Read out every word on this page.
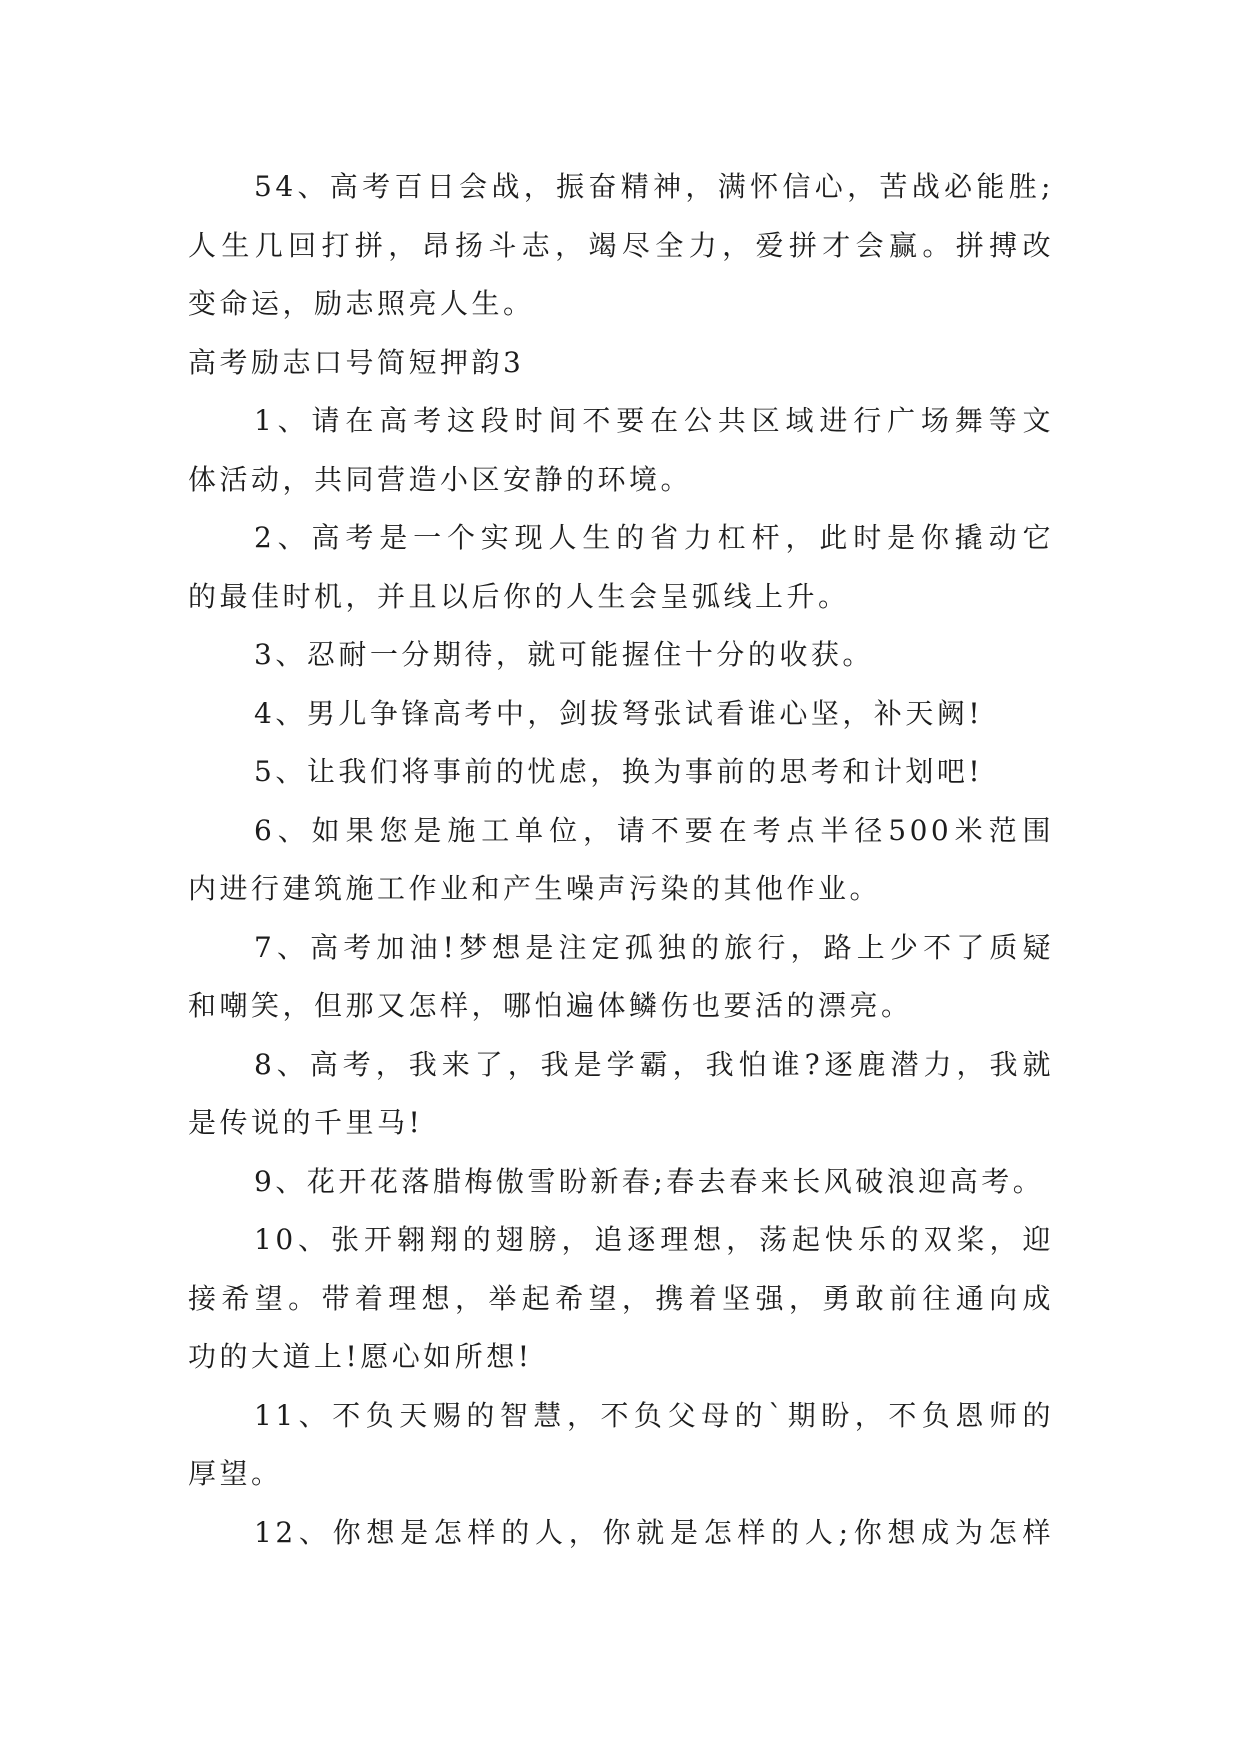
54、高考百日会战，振奋精神，满怀信心，苦战必能胜;
人生几回打拼，昂扬斗志，竭尽全力，爱拼才会赢。拼搏改
变命运，励志照亮人生。
高考励志口号简短押韵3
1、请在高考这段时间不要在公共区域进行广场舞等文
体活动，共同营造小区安静的环境。
2、高考是一个实现人生的省力杠杆，此时是你撬动它
的最佳时机，并且以后你的人生会呈弧线上升。
3、忍耐一分期待，就可能握住十分的收获。
4、男儿争锋高考中，剑拔弩张试看谁心坚，补天阙!
5、让我们将事前的忧虑，换为事前的思考和计划吧!
6、如果您是施工单位，请不要在考点半径500米范围
内进行建筑施工作业和产生噪声污染的其他作业。
7、高考加油!梦想是注定孤独的旅行，路上少不了质疑
和嘲笑，但那又怎样，哪怕遍体鳞伤也要活的漂亮。
8、高考，我来了，我是学霸，我怕谁?逐鹿潜力，我就
是传说的千里马!
9、花开花落腊梅傲雪盼新春;春去春来长风破浪迎高考。
10、张开翱翔的翅膀，追逐理想，荡起快乐的双桨，迎
接希望。带着理想，举起希望，携着坚强，勇敢前往通向成
功的大道上!愿心如所想!
11、不负天赐的智慧，不负父母的`期盼，不负恩师的
厚望。
12、你想是怎样的人，你就是怎样的人;你想成为怎样
